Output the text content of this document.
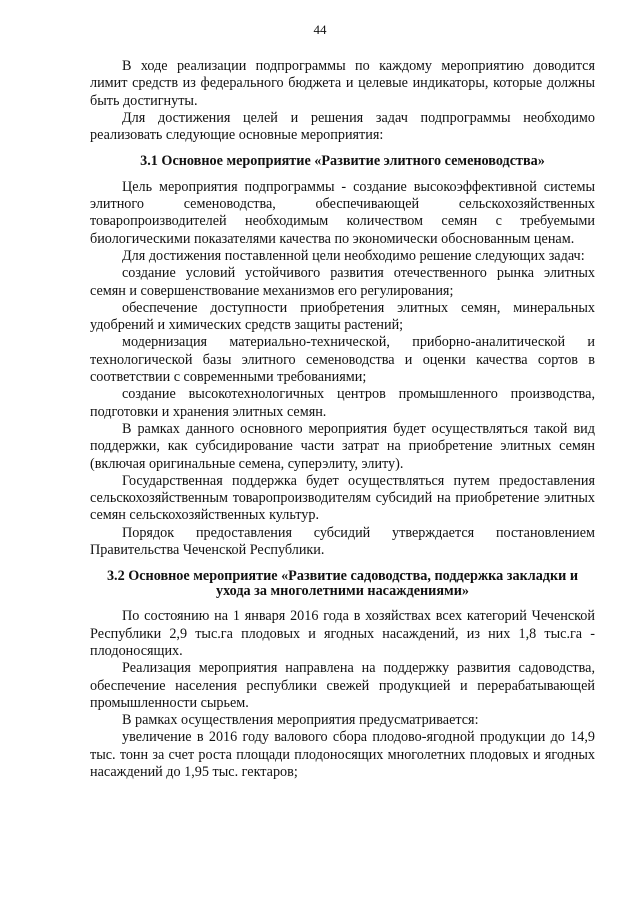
44

В ходе реализации подпрограммы по каждому мероприятию доводится лимит средств из федерального бюджета и целевые индикаторы, которые должны быть достигнуты.

Для достижения целей и решения задач подпрограммы необходимо реализовать следующие основные мероприятия:

3.1 Основное мероприятие «Развитие элитного семеноводства»

Цель мероприятия подпрограммы - создание высокоэффективной системы элитного семеноводства, обеспечивающей сельскохозяйственных товаропроизводителей необходимым количеством семян с требуемыми биологическими показателями качества по экономически обоснованным ценам.

Для достижения поставленной цели необходимо решение следующих задач:

создание условий устойчивого развития отечественного рынка элитных семян и совершенствование механизмов его регулирования;

обеспечение доступности приобретения элитных семян, минеральных удобрений и химических средств защиты растений;

модернизация материально-технической, приборно-аналитической и технологической базы элитного семеноводства и оценки качества сортов в соответствии с современными требованиями;

создание высокотехнологичных центров промышленного производства, подготовки и хранения элитных семян.

В рамках данного основного мероприятия будет осуществляться такой вид поддержки, как субсидирование части затрат на приобретение элитных семян (включая оригинальные семена, суперэлиту, элиту).

Государственная поддержка будет осуществляться путем предоставления сельскохозяйственным товаропроизводителям субсидий на приобретение элитных семян сельскохозяйственных культур.

Порядок предоставления субсидий утверждается постановлением Правительства Чеченской Республики.

3.2 Основное мероприятие «Развитие садоводства, поддержка закладки и ухода за многолетними насаждениями»

По состоянию на 1 января 2016 года в хозяйствах всех категорий Чеченской Республики 2,9 тыс.га плодовых и ягодных насаждений, из них 1,8 тыс.га - плодоносящих.

Реализация мероприятия направлена на поддержку развития садоводства, обеспечение населения республики свежей продукцией и перерабатывающей промышленности сырьем.

В рамках осуществления мероприятия предусматривается:

увеличение в 2016 году валового сбора плодово-ягодной продукции до 14,9 тыс. тонн за счет роста площади плодоносящих многолетних плодовых и ягодных насаждений до 1,95 тыс. гектаров;
